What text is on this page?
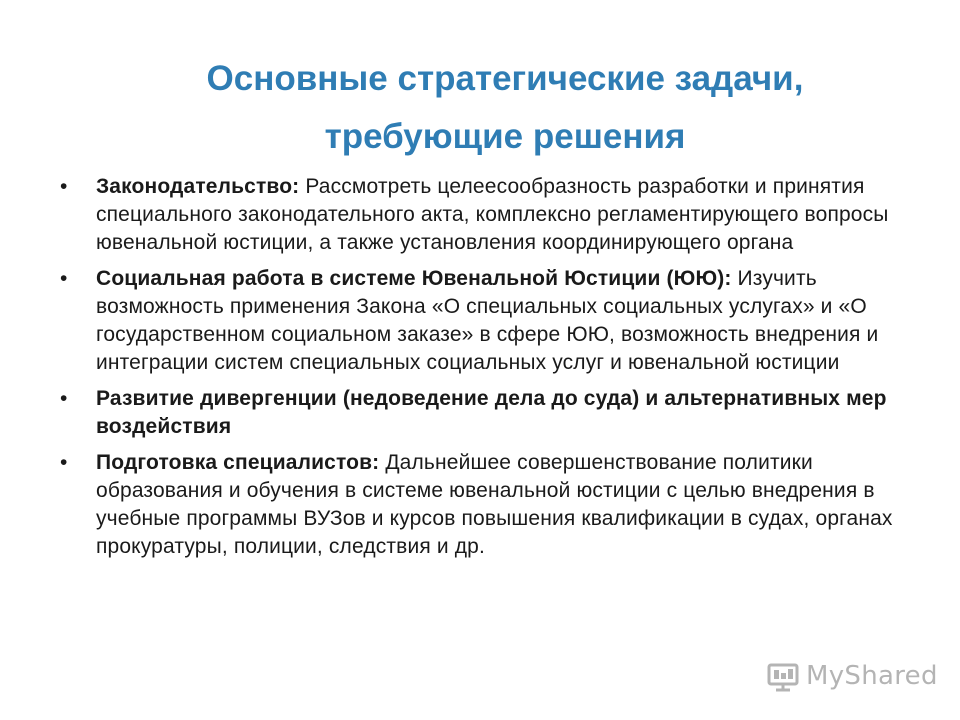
Основные стратегические задачи,
требующие решения
• Законодательство: Рассмотреть целеесообразность разработки и принятия специального законодательного акта, комплексно регламентирующего вопросы ювенальной юстиции, а также установления координирующего органа
• Социальная работа в системе Ювенальной Юстиции (ЮЮ): Изучить возможность применения Закона «О специальных социальных услугах» и «О государственном социальном заказе» в сфере ЮЮ, возможность внедрения и интеграции систем специальных социальных услуг и ювенальной юстиции
• Развитие дивергенции (недоведение дела до суда) и альтернативных мер воздействия
• Подготовка специалистов: Дальнейшее совершенствование политики образования и обучения в системе ювенальной юстиции с целью внедрения в учебные программы ВУЗов и курсов повышения квалификации в судах, органах прокуратуры, полиции, следствия и др.
MyShared
